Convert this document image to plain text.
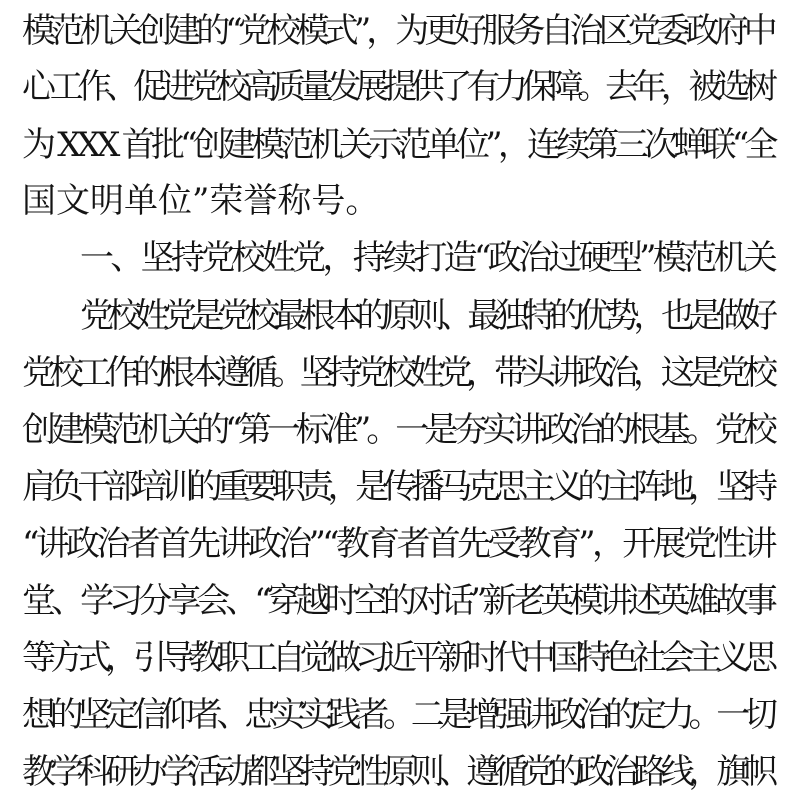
模范机关创建的“党校模式”，为更好服务自治区党委政府中
心工作、促进党校高质量发展提供了有力保障。去年，被选树
为 XXX 首批“创建模范机关示范单位”，连续第三次蝉联“全
国文明单位”荣誉称号。
一、坚持党校姓党，持续打造“政治过硬型”模范机关
党校姓党是党校最根本的原则、最独特的优势，也是做好
党校工作的根本遵循。坚持党校姓党，带头讲政治，这是党校
创建模范机关的“第一标准”。一是夯实讲政治的根基。党校
肩负干部培训的重要职责，是传播马克思主义的主阵地，坚持
“讲政治者首先讲政治”“教育者首先受教育”，开展党性讲
堂、学习分享会、“穿越时空的对话”新老英模讲述英雄故事
等方式，引导教职工自觉做习近平新时代中国特色社会主义思
想的坚定信仰者、忠实实践者。二是增强讲政治的定力。一切
教学科研办学活动都坚持党性原则、遵循党的政治路线，旗帜
